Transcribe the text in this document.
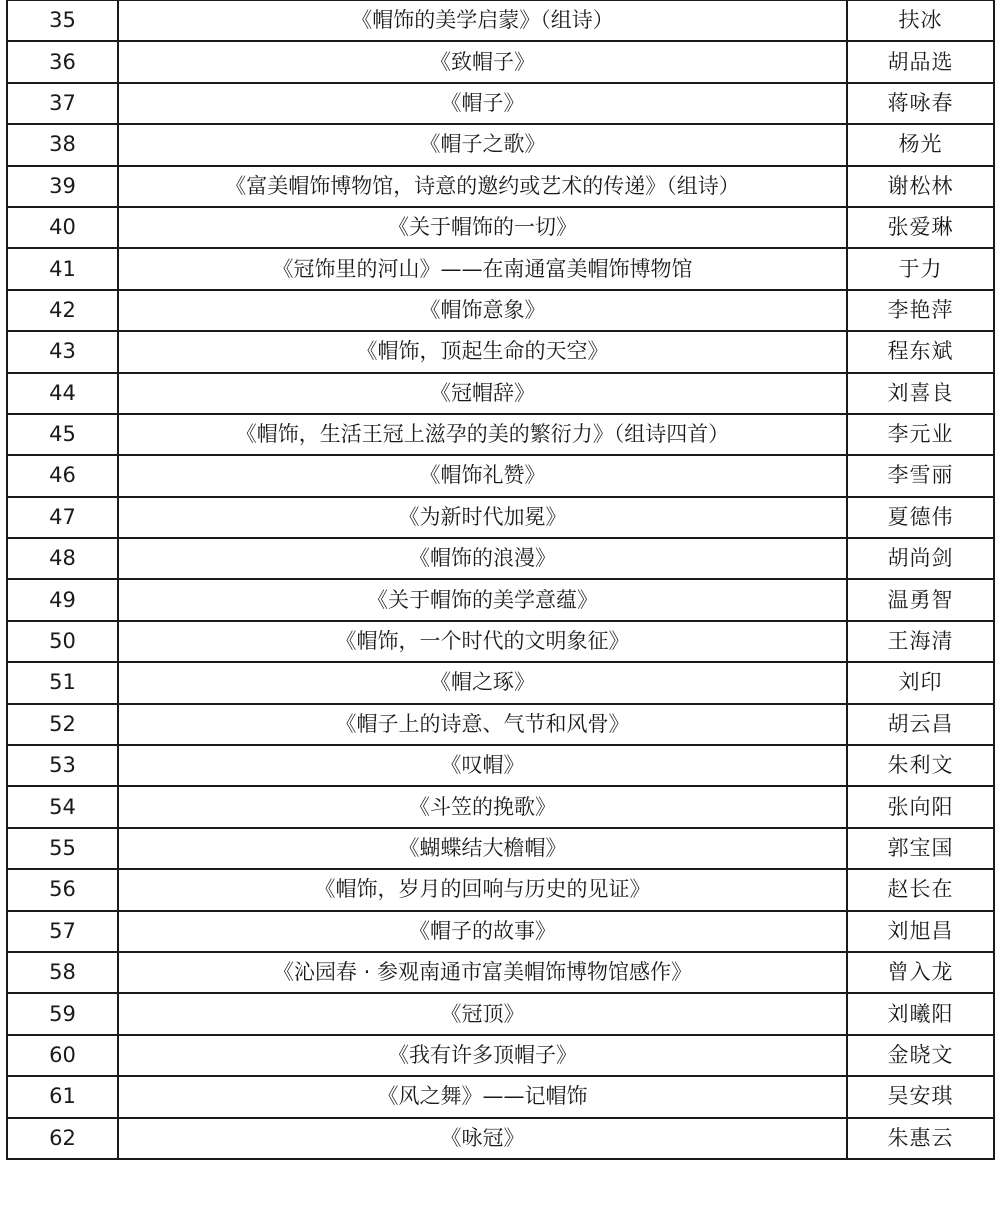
35	《帽饰的美学启蒙》（组诗）	扶冰
36	《致帽子》	胡品选
37	《帽子》	蒋咏春
38	《帽子之歌》	杨光
39	《富美帽饰博物馆，诗意的邀约或艺术的传递》（组诗）	谢松林
40	《关于帽饰的一切》	张爱琳
41	《冠饰里的河山》——在南通富美帽饰博物馆	于力
42	《帽饰意象》	李艳萍
43	《帽饰，顶起生命的天空》	程东斌
44	《冠帽辞》	刘喜良
45	《帽饰，生活王冠上滋孕的美的繁衍力》（组诗四首）	李元业
46	《帽饰礼赞》	李雪丽
47	《为新时代加冕》	夏德伟
48	《帽饰的浪漫》	胡尚剑
49	《关于帽饰的美学意蕴》	温勇智
50	《帽饰，一个时代的文明象征》	王海清
51	《帽之琢》	刘印
52	《帽子上的诗意、气节和风骨》	胡云昌
53	《叹帽》	朱利文
54	《斗笠的挽歌》	张向阳
55	《蝴蝶结大檐帽》	郭宝国
56	《帽饰，岁月的回响与历史的见证》	赵长在
57	《帽子的故事》	刘旭昌
58	《沁园春 · 参观南通市富美帽饰博物馆感作》	曾入龙
59	《冠顶》	刘曦阳
60	《我有许多顶帽子》	金晓文
61	《风之舞》——记帽饰	吴安琪
62	《咏冠》	朱惠云
